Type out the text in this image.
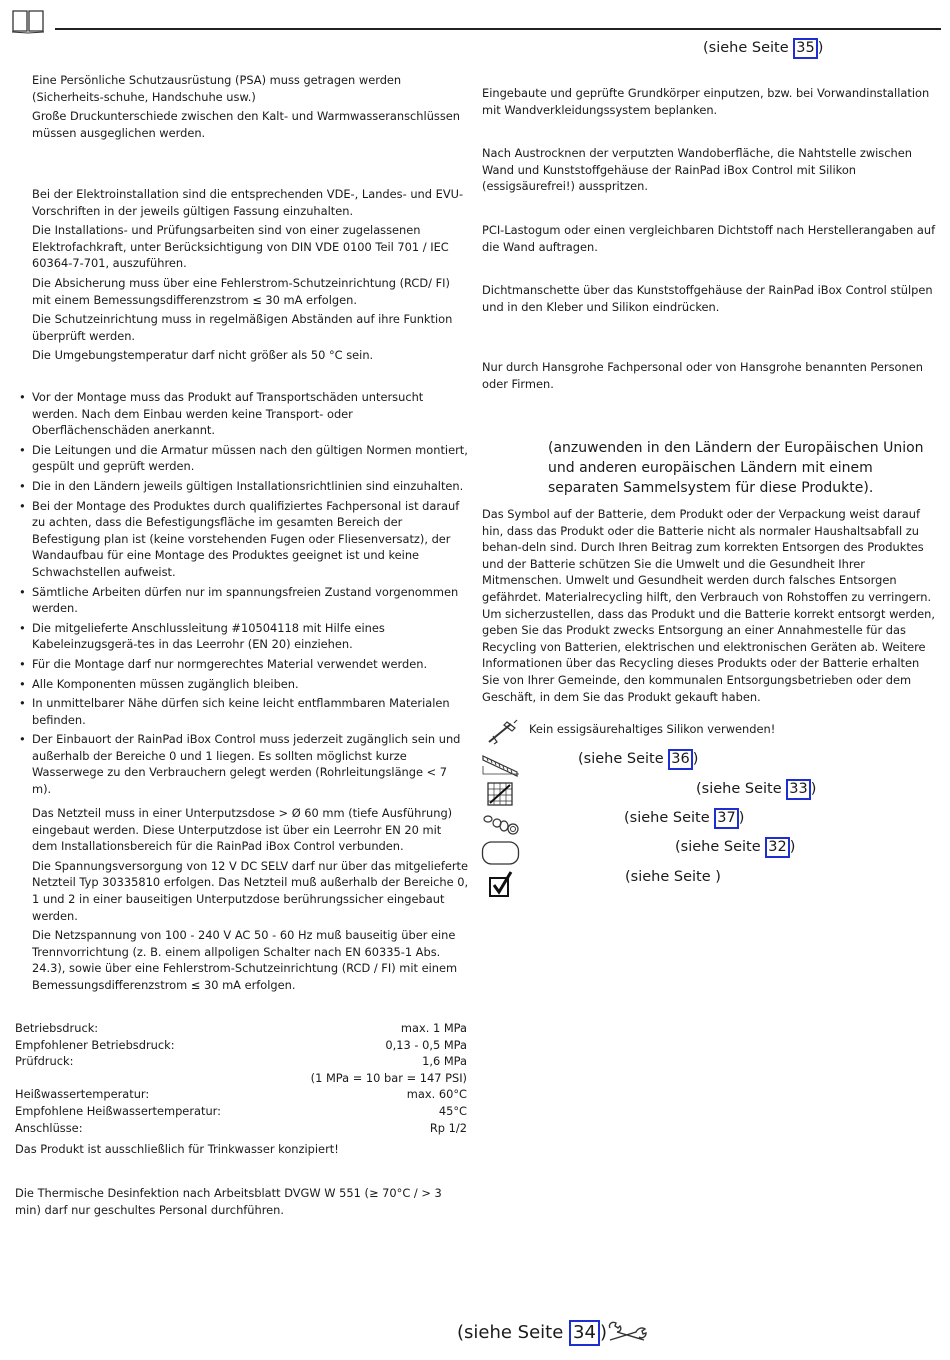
(siehe Seite 35 )

Eine Persönliche Schutzausrüstung (PSA) muss getragen werden (Sicherheits-schuhe, Handschuhe usw.)

Große Druckunterschiede zwischen den Kalt- und Warmwasseranschlüssen müssen ausgeglichen werden.

Bei der Elektroinstallation sind die entsprechenden VDE-, Landes- und EVU-Vorschriften in der jeweils gültigen Fassung einzuhalten.

Die Installations- und Prüfungsarbeiten sind von einer zugelassenen Elektrofachkraft, unter Berücksichtigung von DIN VDE 0100 Teil 701 / IEC 60364-7-701, auszuführen.

Die Absicherung muss über eine Fehlerstrom-Schutzeinrichtung (RCD/ FI) mit einem Bemessungsdifferenzstrom ≤ 30 mA erfolgen.

Die Schutzeinrichtung muss in regelmäßigen Abständen auf ihre Funktion überprüft werden.

Die Umgebungstemperatur darf nicht größer als 50 °C sein.

• Vor der Montage muss das Produkt auf Transportschäden untersucht werden. Nach dem Einbau werden keine Transport- oder Oberflächenschäden anerkannt.
• Die Leitungen und die Armatur müssen nach den gültigen Normen montiert, gespült und geprüft werden.
• Die in den Ländern jeweils gültigen Installationsrichtlinien sind einzuhalten.
• Bei der Montage des Produktes durch qualifiziertes Fachpersonal ist darauf zu achten, dass die Befestigungsfläche im gesamten Bereich der Befestigung plan ist (keine vorstehenden Fugen oder Fliesenversatz), der Wandaufbau für eine Montage des Produktes geeignet ist und keine Schwachstellen aufweist.
• Sämtliche Arbeiten dürfen nur im spannungsfreien Zustand vorgenommen werden.
• Die mitgelieferte Anschlussleitung #10504118 mit Hilfe eines Kabeleinzugsgerä-tes in das Leerrohr (EN 20) einziehen.
• Für die Montage darf nur normgerechtes Material verwendet werden.
• Alle Komponenten müssen zugänglich bleiben.
• In unmittelbarer Nähe dürfen sich keine leicht entflammbaren Materialen befinden.
• Der Einbauort der RainPad iBox Control muss jederzeit zugänglich sein und außerhalb der Bereiche 0 und 1 liegen. Es sollten möglichst kurze Wasserwege zu den Verbrauchern gelegt werden (Rohrleitungslänge < 7 m).

Das Netzteil muss in einer Unterputzsdose > Ø 60 mm (tiefe Ausführung) eingebaut werden. Diese Unterputzdose ist über ein Leerrohr EN 20 mit dem Installationsbereich für die RainPad iBox Control verbunden.

Die Spannungsversorgung von 12 V DC SELV darf nur über das mitgelieferte Netzteil Typ 30335810 erfolgen. Das Netzteil muß außerhalb der Bereiche 0, 1 und 2 in einer bauseitigen Unterputzdose berührungssicher eingebaut werden.

Die Netzspannung von 100 - 240 V AC 50 - 60 Hz muß bauseitig über eine Trennvorrichtung (z. B. einem allpoligen Schalter nach EN 60335-1 Abs. 24.3), sowie über eine Fehlerstrom-Schutzeinrichtung (RCD / FI) mit einem Bemessungsdifferenzstrom ≤ 30 mA erfolgen.

Betriebsdruck:	max. 1 MPa
Empfohlener Betriebsdruck:	0,13 - 0,5 MPa
Prüfdruck:	1,6 MPa
	(1 MPa = 10 bar = 147 PSI)
Heißwassertemperatur:	max. 60°C
Empfohlene Heißwassertemperatur:	45°C
Anschlüsse:	Rp 1/2
Das Produkt ist ausschließlich für Trinkwasser konzipiert!
Die Thermische Desinfektion nach Arbeitsblatt DVGW W 551 (≥ 70°C / > 3 min) darf nur geschultes Personal durchführen.
Eingebaute und geprüfte Grundkörper einputzen, bzw. bei Vorwandinstallation mit Wandverkleidungssystem beplanken.
Nach Austrocknen der verputzten Wandoberfläche, die Nahtstelle zwischen Wand und Kunststoffgehäuse der RainPad iBox Control mit Silikon (essigsäurefrei!) ausspritzen.
PCI-Lastogum oder einen vergleichbaren Dichtstoff nach Herstellerangaben auf die Wand auftragen.
Dichtmanschette über das Kunststoffgehäuse der RainPad iBox Control stülpen und in den Kleber und Silikon eindrücken.
Nur durch Hansgrohe Fachpersonal oder von Hansgrohe benannten Personen oder Firmen.
(anzuwenden in den Ländern der Europäischen Union und anderen europäischen Ländern mit einem separaten Sammelsystem für diese Produkte).
Das Symbol auf der Batterie, dem Produkt oder der Verpackung weist darauf hin, dass das Produkt oder die Batterie nicht als normaler Haushaltsabfall zu behan-deln sind. Durch Ihren Beitrag zum korrekten Entsorgen des Produktes und der Batterie schützen Sie die Umwelt und die Gesundheit Ihrer Mitmenschen. Umwelt und Gesundheit werden durch falsches Entsorgen gefährdet. Materialrecycling hilft, den Verbrauch von Rohstoffen zu verringern. Um sicherzustellen, dass das Produkt und die Batterie korrekt entsorgt werden, geben Sie das Produkt zwecks Entsorgung an einer Annahmestelle für das Recycling von Batterien, elektrischen und elektronischen Geräten ab. Weitere Informationen über das Recycling dieses Produkts oder der Batterie erhalten Sie von Ihrer Gemeinde, den kommunalen Entsorgungsbetrieben oder dem Geschäft, in dem Sie das Produkt gekauft haben.
Kein essigsäurehaltiges Silikon verwenden!
(siehe Seite 36 )
(siehe Seite 33 )
(siehe Seite 37 )
(siehe Seite 32 )
(siehe Seite )
(siehe Seite 34 )
